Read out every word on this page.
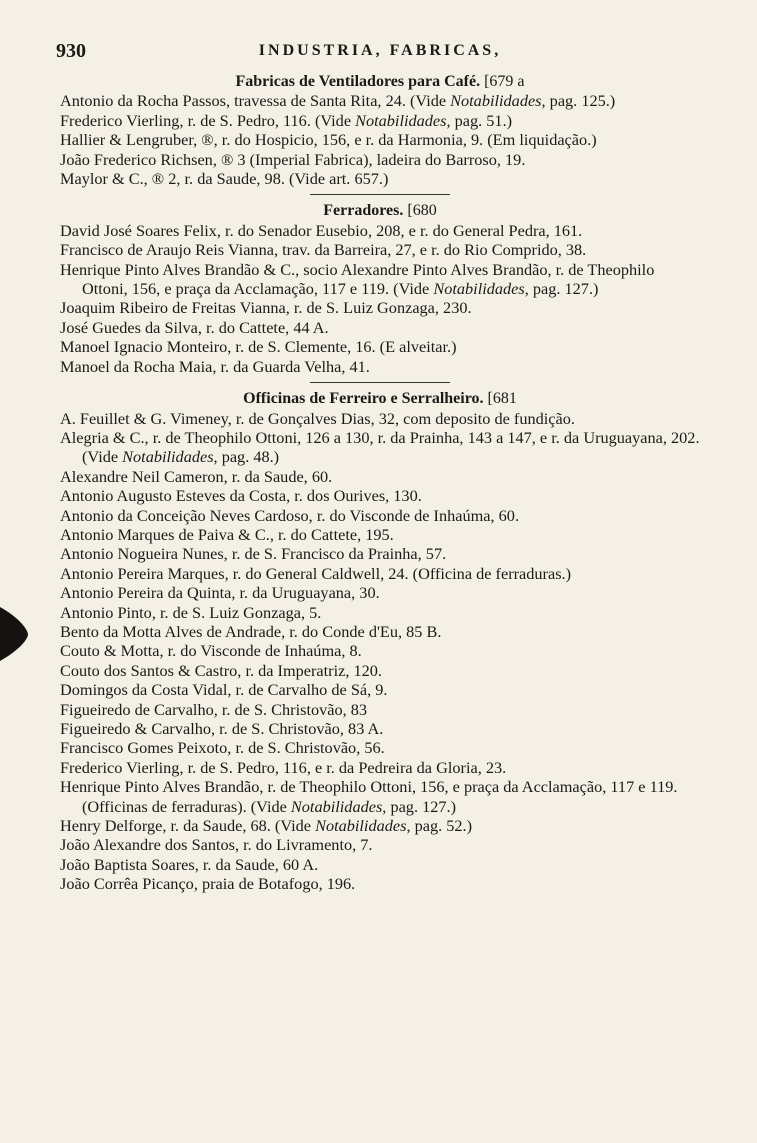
930	INDUSTRIA, FABRICAS,

Fabricas de Ventiladores para Café. [679 a

Antonio da Rocha Passos, travessa de Santa Rita, 24. (Vide Notabilidades, pag. 125.)

Frederico Vierling, r. de S. Pedro, 116. (Vide Notabilidades, pag. 51.)

Hallier & Lengruber, ®, r. do Hospicio, 156, e r. da Harmonia, 9. (Em liquidação.)

João Frederico Richsen, ® 3 (Imperial Fabrica), ladeira do Barroso, 19.

Maylor & C., ® 2, r. da Saude, 98. (Vide art. 657.)

Ferradores. [680

David José Soares Felix, r. do Senador Eusebio, 208, e r. do General Pedra, 161.

Francisco de Araujo Reis Vianna, trav. da Barreira, 27, e r. do Rio Comprido, 38.

Henrique Pinto Alves Brandão & C., socio Alexandre Pinto Alves Brandão, r. de Theophilo Ottoni, 156, e praça da Acclamação, 117 e 119. (Vide Notabilidades, pag. 127.)

Joaquim Ribeiro de Freitas Vianna, r. de S. Luiz Gonzaga, 230.

José Guedes da Silva, r. do Cattete, 44 A.

Manoel Ignacio Monteiro, r. de S. Clemente, 16. (E alveitar.)

Manoel da Rocha Maia, r. da Guarda Velha, 41.

Officinas de Ferreiro e Serralheiro. [681

A. Feuillet & G. Vimeney, r. de Gonçalves Dias, 32, com deposito de fundição.

Alegria & C., r. de Theophilo Ottoni, 126 a 130, r. da Prainha, 143 a 147, e r. da Uruguayana, 202. (Vide Notabilidades, pag. 48.)

Alexandre Neil Cameron, r. da Saude, 60.

Antonio Augusto Esteves da Costa, r. dos Ourives, 130.

Antonio da Conceição Neves Cardoso, r. do Visconde de Inhaúma, 60.

Antonio Marques de Paiva & C., r. do Cattete, 195.

Antonio Nogueira Nunes, r. de S. Francisco da Prainha, 57.

Antonio Pereira Marques, r. do General Caldwell, 24. (Officina de ferraduras.)

Antonio Pereira da Quinta, r. da Uruguayana, 30.

Antonio Pinto, r. de S. Luiz Gonzaga, 5.

Bento da Motta Alves de Andrade, r. do Conde d'Eu, 85 B.

Couto & Motta, r. do Visconde de Inhaúma, 8.

Couto dos Santos & Castro, r. da Imperatriz, 120.

Domingos da Costa Vidal, r. de Carvalho de Sá, 9.

Figueiredo de Carvalho, r. de S. Christovão, 83

Figueiredo & Carvalho, r. de S. Christovão, 83 A.

Francisco Gomes Peixoto, r. de S. Christovão, 56.

Frederico Vierling, r. de S. Pedro, 116, e r. da Pedreira da Gloria, 23.

Henrique Pinto Alves Brandão, r. de Theophilo Ottoni, 156, e praça da Acclamação, 117 e 119. (Officinas de ferraduras). (Vide Notabilidades, pag. 127.)

Henry Delforge, r. da Saude, 68. (Vide Notabilidades, pag. 52.)

João Alexandre dos Santos, r. do Livramento, 7.

João Baptista Soares, r. da Saude, 60 A.

João Corrêa Picanço, praia de Botafogo, 196.
